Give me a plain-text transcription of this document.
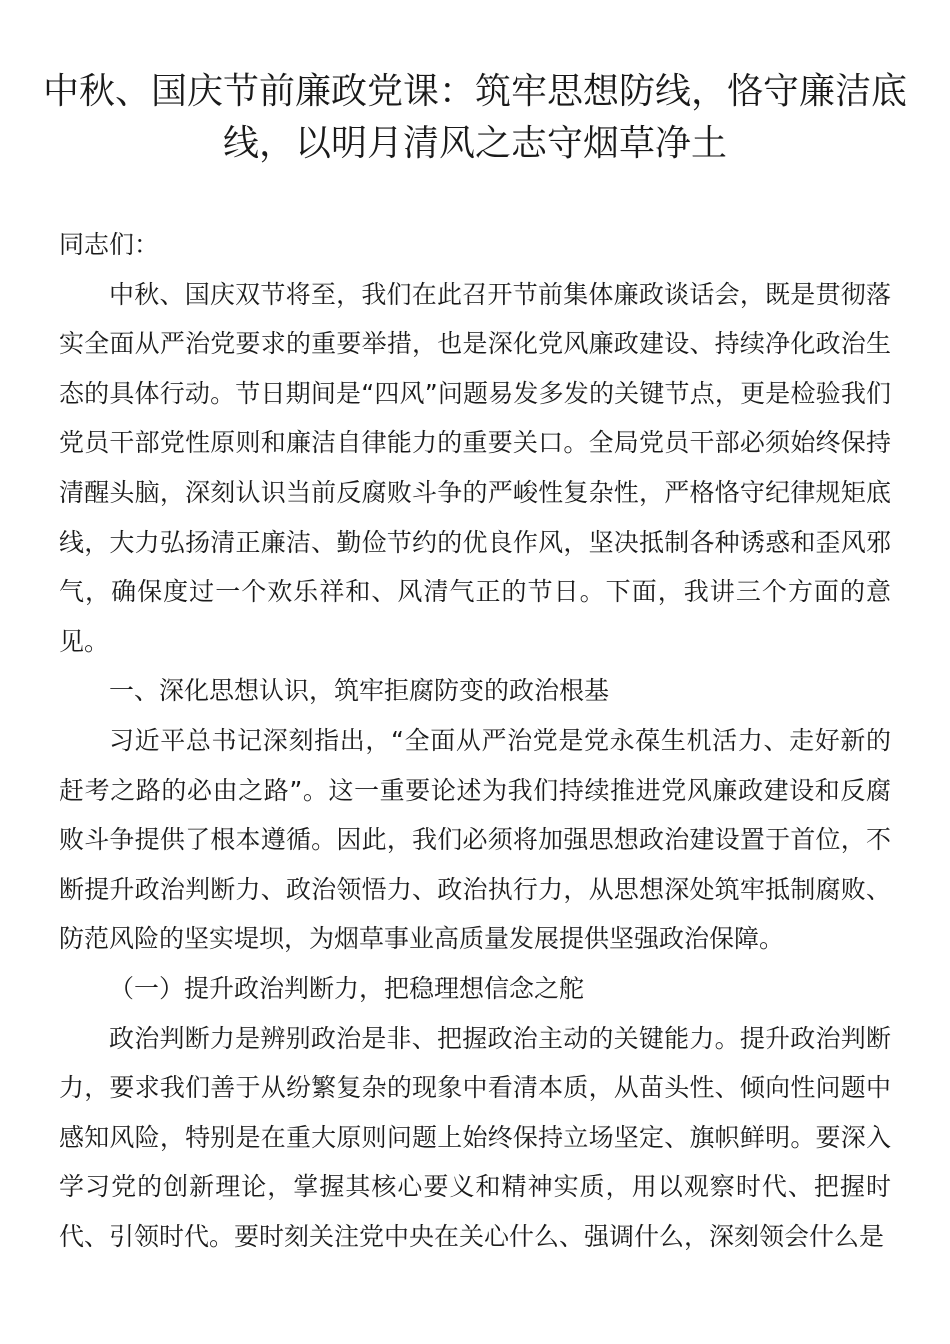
中秋、国庆节前廉政党课：筑牢思想防线，恪守廉洁底线，以明月清风之志守烟草净土

同志们：

中秋、国庆双节将至，我们在此召开节前集体廉政谈话会，既是贯彻落实全面从严治党要求的重要举措，也是深化党风廉政建设、持续净化政治生态的具体行动。节日期间是“四风”问题易发多发的关键节点，更是检验我们党员干部党性原则和廉洁自律能力的重要关口。全局党员干部必须始终保持清醒头脑，深刻认识当前反腐败斗争的严峻性复杂性，严格恪守纪律规矩底线，大力弘扬清正廉洁、勤俭节约的优良作风，坚决抵制各种诱惑和歪风邪气，确保度过一个欢乐祥和、风清气正的节日。下面，我讲三个方面的意见。

一、深化思想认识，筑牢拒腐防变的政治根基

习近平总书记深刻指出，“全面从严治党是党永葆生机活力、走好新的赶考之路的必由之路”。这一重要论述为我们持续推进党风廉政建设和反腐败斗争提供了根本遵循。因此，我们必须将加强思想政治建设置于首位，不断提升政治判断力、政治领悟力、政治执行力，从思想深处筑牢抵制腐败、防范风险的坚实堤坝，为烟草事业高质量发展提供坚强政治保障。

（一）提升政治判断力，把稳理想信念之舵

政治判断力是辨别政治是非、把握政治主动的关键能力。提升政治判断力，要求我们善于从纷繁复杂的现象中看清本质，从苗头性、倾向性问题中感知风险，特别是在重大原则问题上始终保持立场坚定、旗帜鲜明。要深入学习党的创新理论，掌握其核心要义和精神实质，用以观察时代、把握时代、引领时代。要时刻关注党中央在关心什么、强调什么，深刻领会什么是
